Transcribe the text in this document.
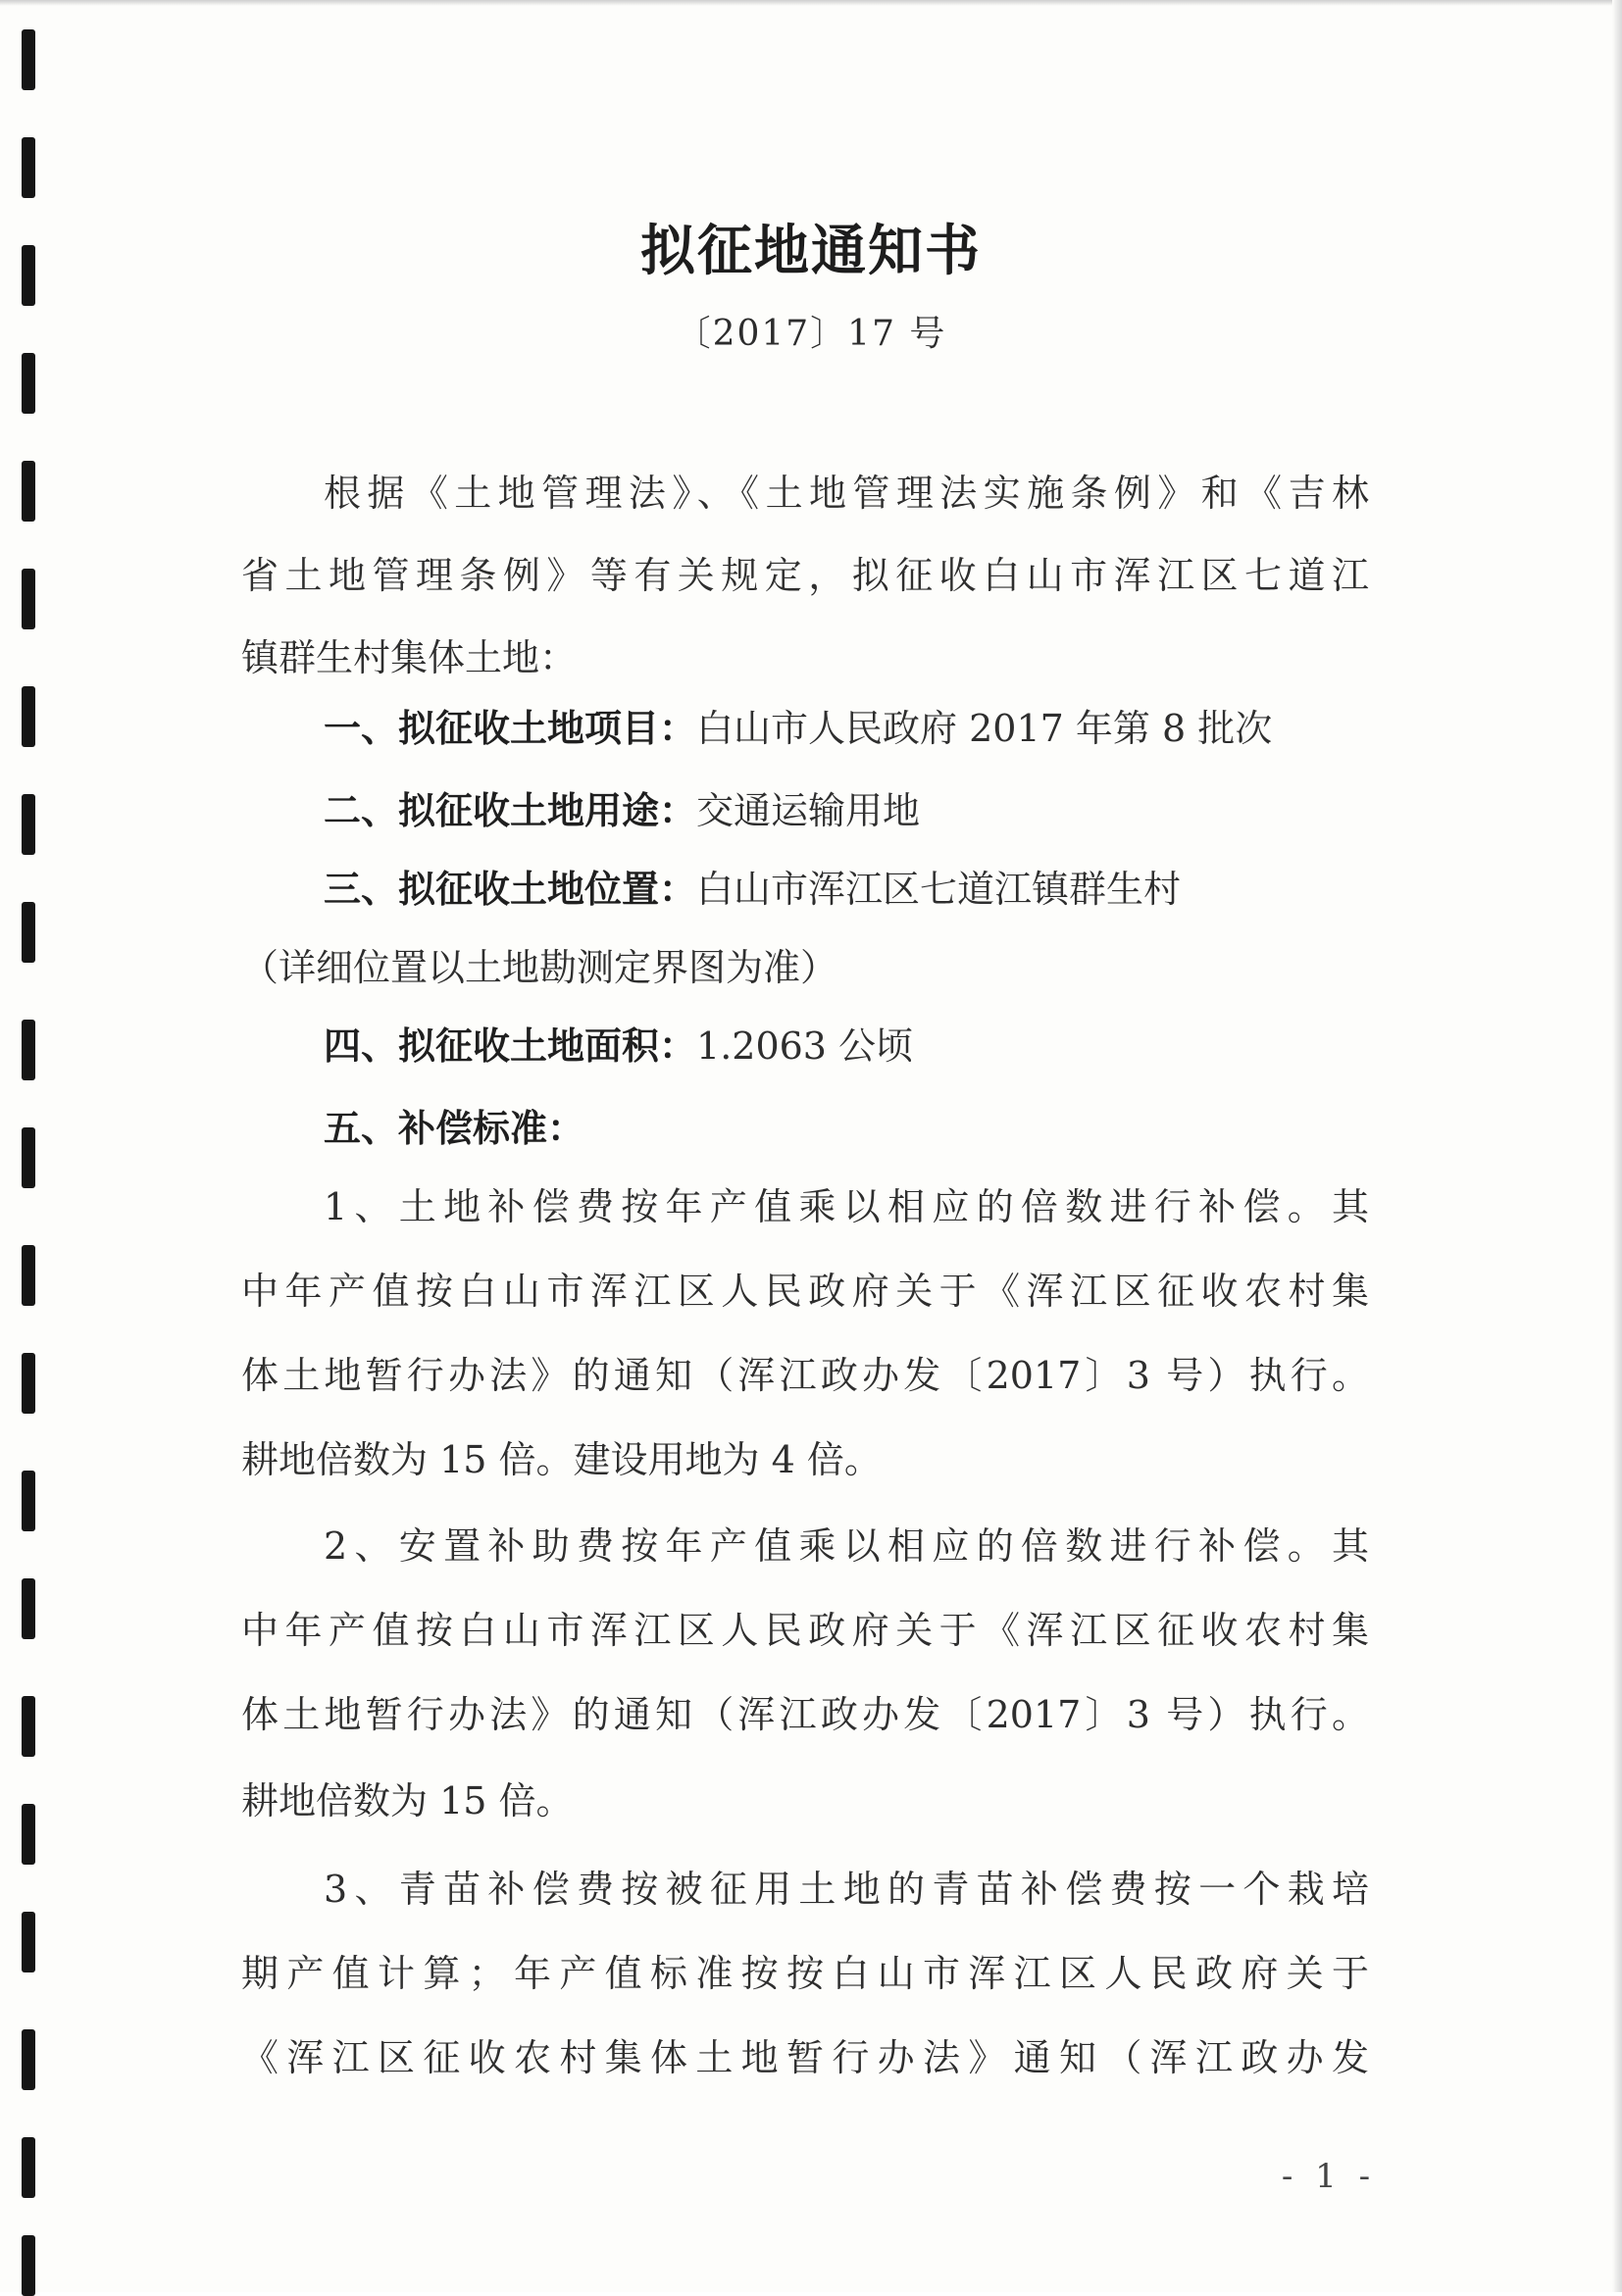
拟征地通知书
〔2017〕17 号
根据《土地管理法》、《土地管理法实施条例》和《吉林
省土地管理条例》等有关规定，拟征收白山市浑江区七道江
镇群生村集体土地：
一、拟征收土地项目：白山市人民政府 2017 年第 8 批次
二、拟征收土地用途：交通运输用地
三、拟征收土地位置：白山市浑江区七道江镇群生村
（详细位置以土地勘测定界图为准）
四、拟征收土地面积：1.2063 公顷
五、补偿标准：
1、土地补偿费按年产值乘以相应的倍数进行补偿。其
中年产值按白山市浑江区人民政府关于《浑江区征收农村集
体土地暂行办法》的通知（浑江政办发〔2017〕3 号）执行。
耕地倍数为 15 倍。建设用地为 4 倍。
2、安置补助费按年产值乘以相应的倍数进行补偿。其
中年产值按白山市浑江区人民政府关于《浑江区征收农村集
体土地暂行办法》的通知（浑江政办发〔2017〕3 号）执行。
耕地倍数为 15 倍。
3、青苗补偿费按被征用土地的青苗补偿费按一个栽培
期产值计算；年产值标准按按白山市浑江区人民政府关于
《浑江区征收农村集体土地暂行办法》通知（浑江政办发
- 1 -
